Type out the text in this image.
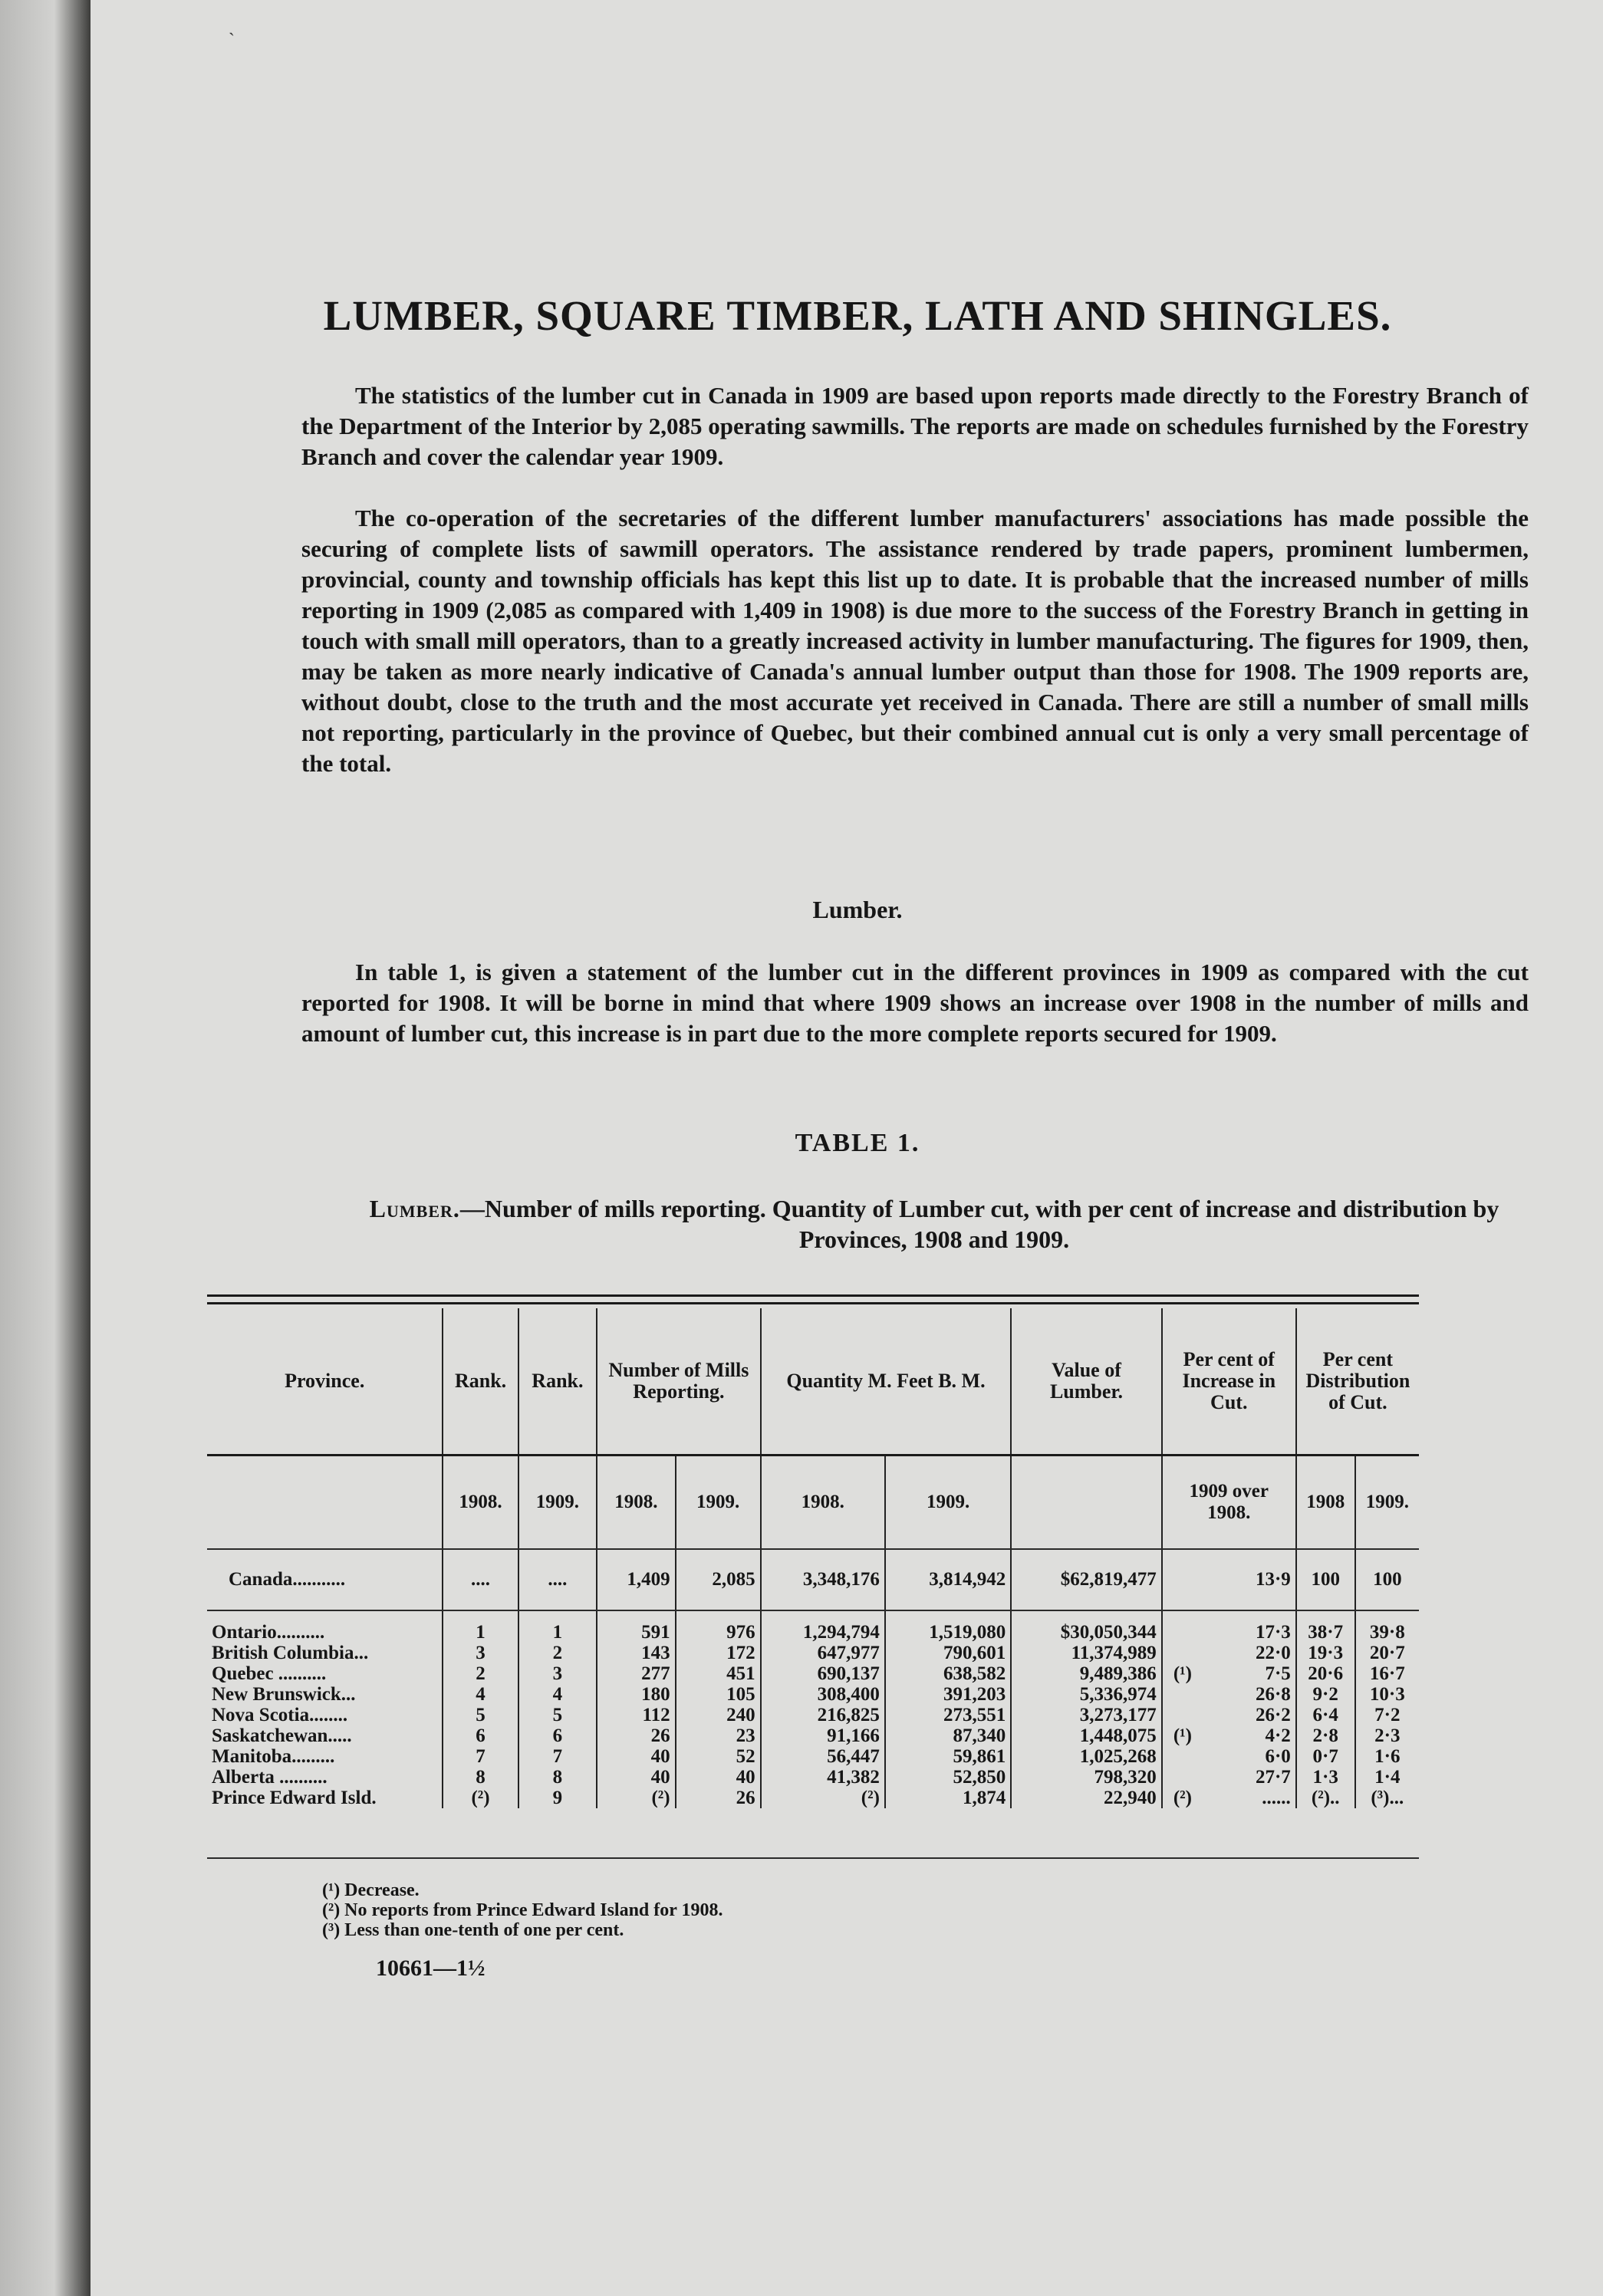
`
LUMBER, SQUARE TIMBER, LATH AND SHINGLES.

The statistics of the lumber cut in Canada in 1909 are based upon reports made directly to the Forestry Branch of the Department of the Interior by 2,085 operating sawmills. The reports are made on schedules furnished by the Forestry Branch and cover the calendar year 1909.

The co-operation of the secretaries of the different lumber manufacturers' associations has made possible the securing of complete lists of sawmill operators. The assistance rendered by trade papers, prominent lumbermen, provincial, county and township officials has kept this list up to date. It is probable that the increased number of mills reporting in 1909 (2,085 as compared with 1,409 in 1908) is due more to the success of the Forestry Branch in getting in touch with small mill operators, than to a greatly increased activity in lumber manufacturing. The figures for 1909, then, may be taken as more nearly indicative of Canada's annual lumber output than those for 1908. The 1909 reports are, without doubt, close to the truth and the most accurate yet received in Canada. There are still a number of small mills not reporting, particularly in the province of Quebec, but their combined annual cut is only a very small percentage of the total.

Lumber.

In table 1, is given a statement of the lumber cut in the different provinces in 1909 as compared with the cut reported for 1908. It will be borne in mind that where 1909 shows an increase over 1908 in the number of mills and amount of lumber cut, this increase is in part due to the more complete reports secured for 1909.

TABLE 1.

Lumber.—Number of mills reporting. Quantity of Lumber cut, with per cent of increase and distribution by Provinces, 1908 and 1909.

Province.	Rank.	Rank.	Number of Mills Reporting.		Quantity M. Feet B. M.		Value of Lumber.	Per cent of Increase in Cut.		Per cent Distribution of Cut.	
	1908.	1909.	1908.	1909.	1908.	1909.		1909 over 1908.		1908	1909.
Canada...........	....	....	1,409	2,085	3,348,176	3,814,942	$62,819,477		13·9	100	100
Ontario..........	1	1	591	976	1,294,794	1,519,080	$30,050,344		17·3	38·7	39·8
British Columbia...	3	2	143	172	647,977	790,601	11,374,989		22·0	19·3	20·7
Quebec ..........	2	3	277	451	690,137	638,582	9,489,386	(¹)	7·5	20·6	16·7
New Brunswick...	4	4	180	105	308,400	391,203	5,336,974		26·8	9·2	10·3
Nova Scotia........	5	5	112	240	216,825	273,551	3,273,177		26·2	6·4	7·2
Saskatchewan.....	6	6	26	23	91,166	87,340	1,448,075	(¹)	4·2	2·8	2·3
Manitoba.........	7	7	40	52	56,447	59,861	1,025,268		6·0	0·7	1·6
Alberta ..........	8	8	40	40	41,382	52,850	798,320		27·7	1·3	1·4
Prince Edward Isld.	(²)	9	(²)	26	(²)	1,874	22,940	(²)	......	(²)..	(³)...
(¹) Decrease.
(²) No reports from Prince Edward Island for 1908.
(³) Less than one-tenth of one per cent.
10661—1½
